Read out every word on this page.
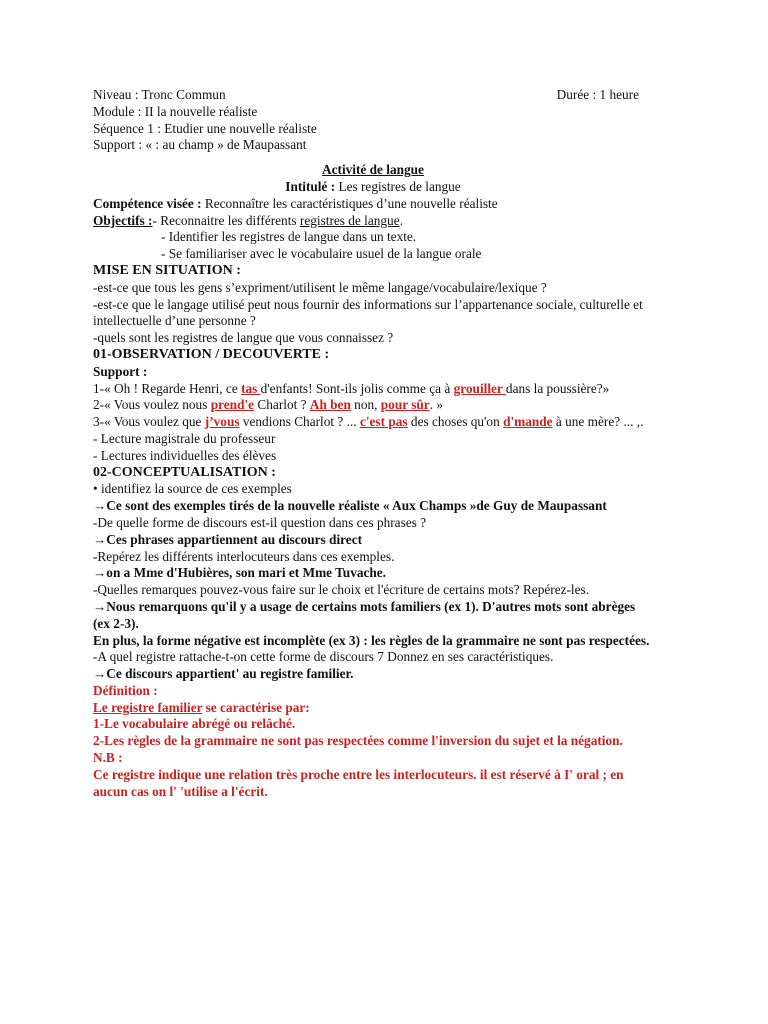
Niveau : Tronc Commun	Durée : 1 heure
Module : II la nouvelle réaliste
Séquence 1 : Etudier une nouvelle réaliste
Support : « : au champ » de Maupassant
Activité de langue
Intitulé : Les registres de langue
Compétence visée : Reconnaître les caractéristiques d’une nouvelle réaliste
Objectifs :- Reconnaitre les différents registres de langue.
- Identifier les registres de langue dans un texte.
- Se familiariser avec le vocabulaire usuel de la langue orale
MISE EN SITUATION :
-est-ce que tous les gens s’expriment/utilisent le même langage/vocabulaire/lexique ?
-est-ce que le langage utilisé peut nous fournir des informations sur l’appartenance sociale, culturelle et intellectuelle d’une personne ?
-quels sont les registres de langue que vous connaissez ?
01-OBSERVATION / DECOUVERTE :
Support :
1-« Oh ! Regarde Henri, ce tas d'enfants! Sont-ils jolis comme ça à grouiller dans la poussière?»
2-« Vous voulez nous prend'e Charlot ? Ah ben non, pour sûr. »
3-« Vous voulez que j’vous vendions Charlot ? ... c'est pas des choses qu'on d'mande à une mère? ... ,.
- Lecture magistrale du professeur
- Lectures individuelles des élèves
02-CONCEPTUALISATION :
• identifiez la source de ces exemples
→Ce sont des exemples tirés de la nouvelle réaliste « Aux Champs »de Guy de Maupassant
-De quelle forme de discours est-il question dans ces phrases ?
→Ces phrases appartiennent au discours direct
-Repérez les différents interlocuteurs dans ces exemples.
→on a Mme d'Hubières, son mari et Mme Tuvache.
-Quelles remarques pouvez-vous faire sur le choix et l'écriture de certains mots? Repérez-les.
→Nous remarquons qu'il y a usage de certains mots familiers (ex 1). D'autres mots sont abrèges (ex 2-3).
En plus, la forme négative est incomplète (ex 3) : les règles de la grammaire ne sont pas respectées.
-A quel registre rattache-t-on cette forme de discours 7 Donnez en ses caractéristiques.
→Ce discours appartient' au registre familier.
Définition :
Le registre familier se caractérise par:
1-Le vocabulaire abrégé ou relâché.
2-Les règles de la grammaire ne sont pas respectées comme l'inversion du sujet et la négation.
N.B :
Ce registre indique une relation très proche entre les interlocuteurs. il est réservé à I' oral ; en aucun cas on l' 'utilise a l'écrit.
